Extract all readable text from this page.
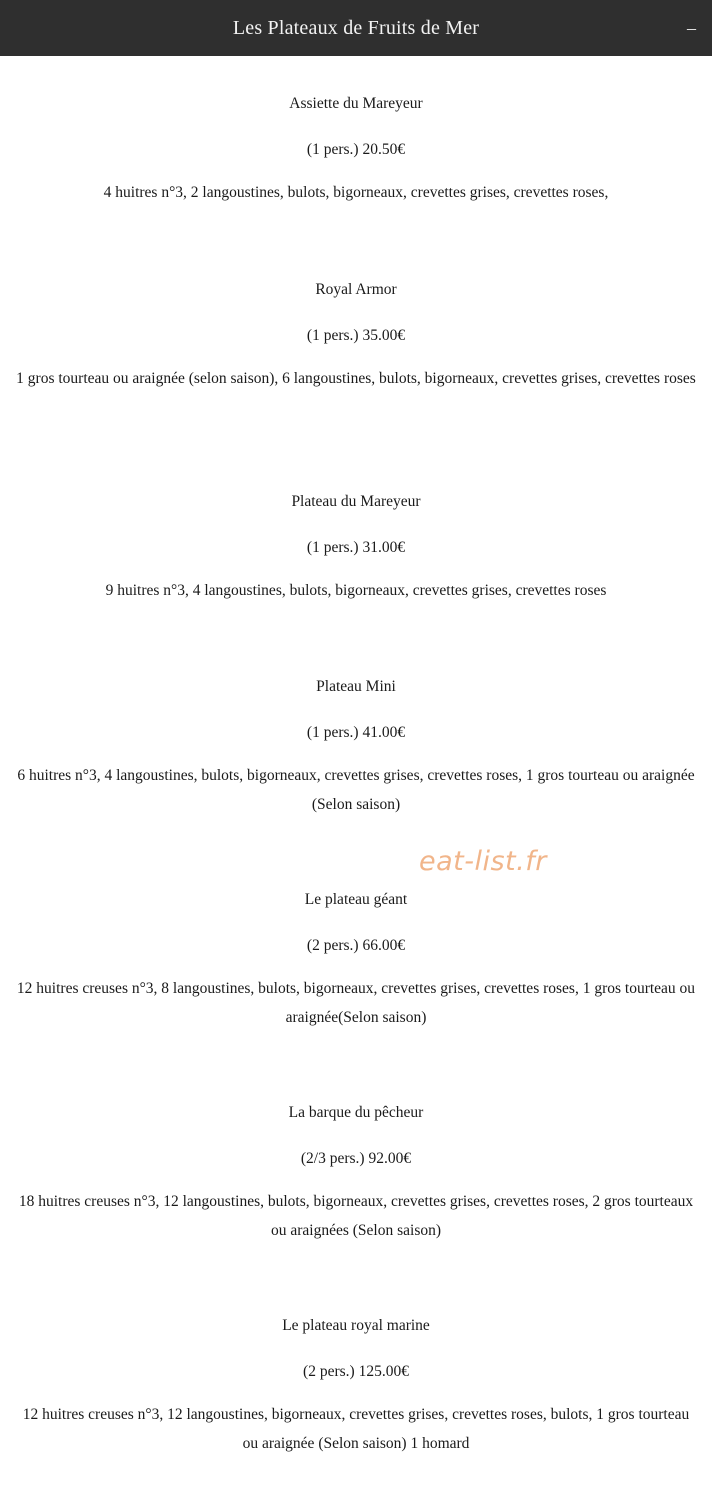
Les Plateaux de Fruits de Mer	–
Assiette du Mareyeur
(1 pers.) 20.50€
4 huitres n°3, 2 langoustines, bulots, bigorneaux, crevettes grises, crevettes roses,
Royal Armor
(1 pers.) 35.00€
1 gros tourteau ou araignée (selon saison), 6 langoustines, bulots, bigorneaux, crevettes grises, crevettes roses
Plateau du Mareyeur
(1 pers.) 31.00€
9 huitres n°3, 4 langoustines, bulots, bigorneaux, crevettes grises, crevettes roses
Plateau Mini
(1 pers.) 41.00€
6 huitres n°3, 4 langoustines, bulots, bigorneaux, crevettes grises, crevettes roses, 1 gros tourteau ou araignée (Selon saison)
Le plateau géant
(2 pers.) 66.00€
12 huitres creuses n°3, 8 langoustines, bulots, bigorneaux, crevettes grises, crevettes roses, 1 gros tourteau ou araignée(Selon saison)
La barque du pêcheur
(2/3 pers.) 92.00€
18 huitres creuses n°3, 12 langoustines, bulots, bigorneaux, crevettes grises, crevettes roses, 2 gros tourteaux ou araignées (Selon saison)
Le plateau royal marine
(2 pers.) 125.00€
12 huitres creuses n°3, 12 langoustines, bigorneaux, crevettes grises, crevettes roses, bulots, 1 gros tourteau ou araignée (Selon saison) 1 homard
eat-list.fr
